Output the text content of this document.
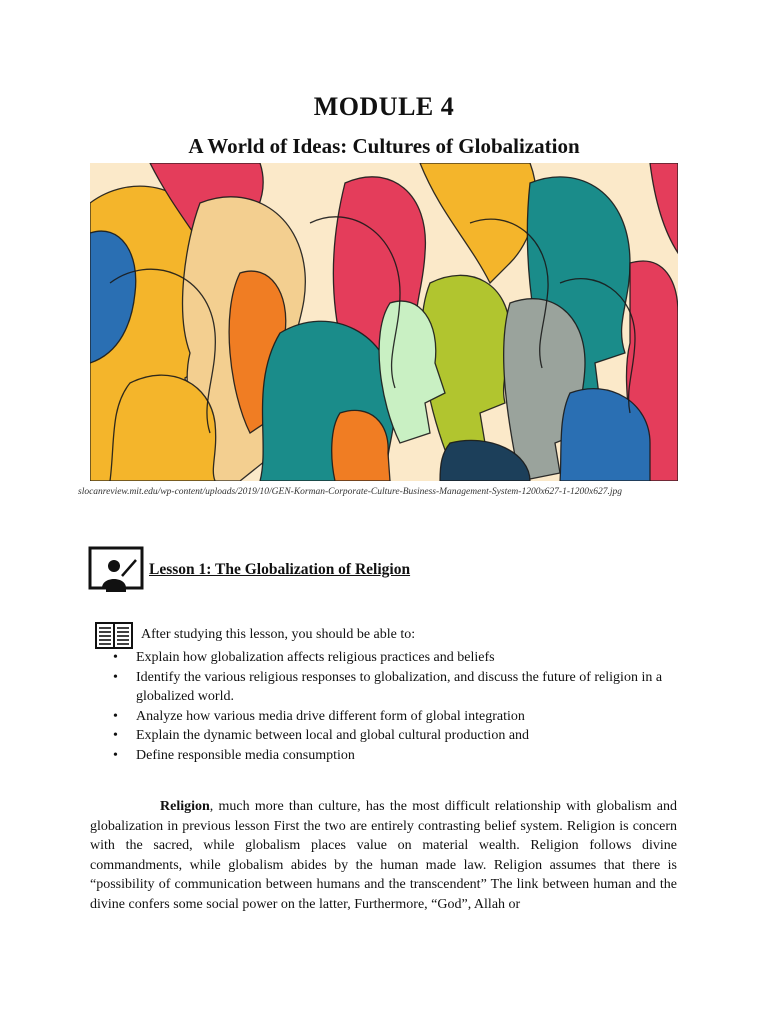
MODULE 4
A World of Ideas: Cultures of Globalization
slocanreview.mit.edu/wp-content/uploads/2019/10/GEN-Korman-Corporate-Culture-Business-Management-System-1200x627-1-1200x627.jpg
Lesson 1: The Globalization of Religion
After studying this lesson, you should be able to:
• Explain how globalization affects religious practices and beliefs
• Identify the various religious responses to globalization, and discuss the future of religion in a globalized world.
• Analyze how various media drive different form of global integration
• Explain the dynamic between local and global cultural production and
• Define responsible media consumption

Religion, much more than culture, has the most difficult relationship with globalism and globalization in previous lesson First the two are entirely contrasting belief system. Religion is concern with the sacred, while globalism places value on material wealth. Religion follows divine commandments, while globalism abides by the human made law. Religion assumes that there is “possibility of communication between humans and the transcendent” The link between human and the divine confers some social power on the latter, Furthermore, “God”, Allah or
